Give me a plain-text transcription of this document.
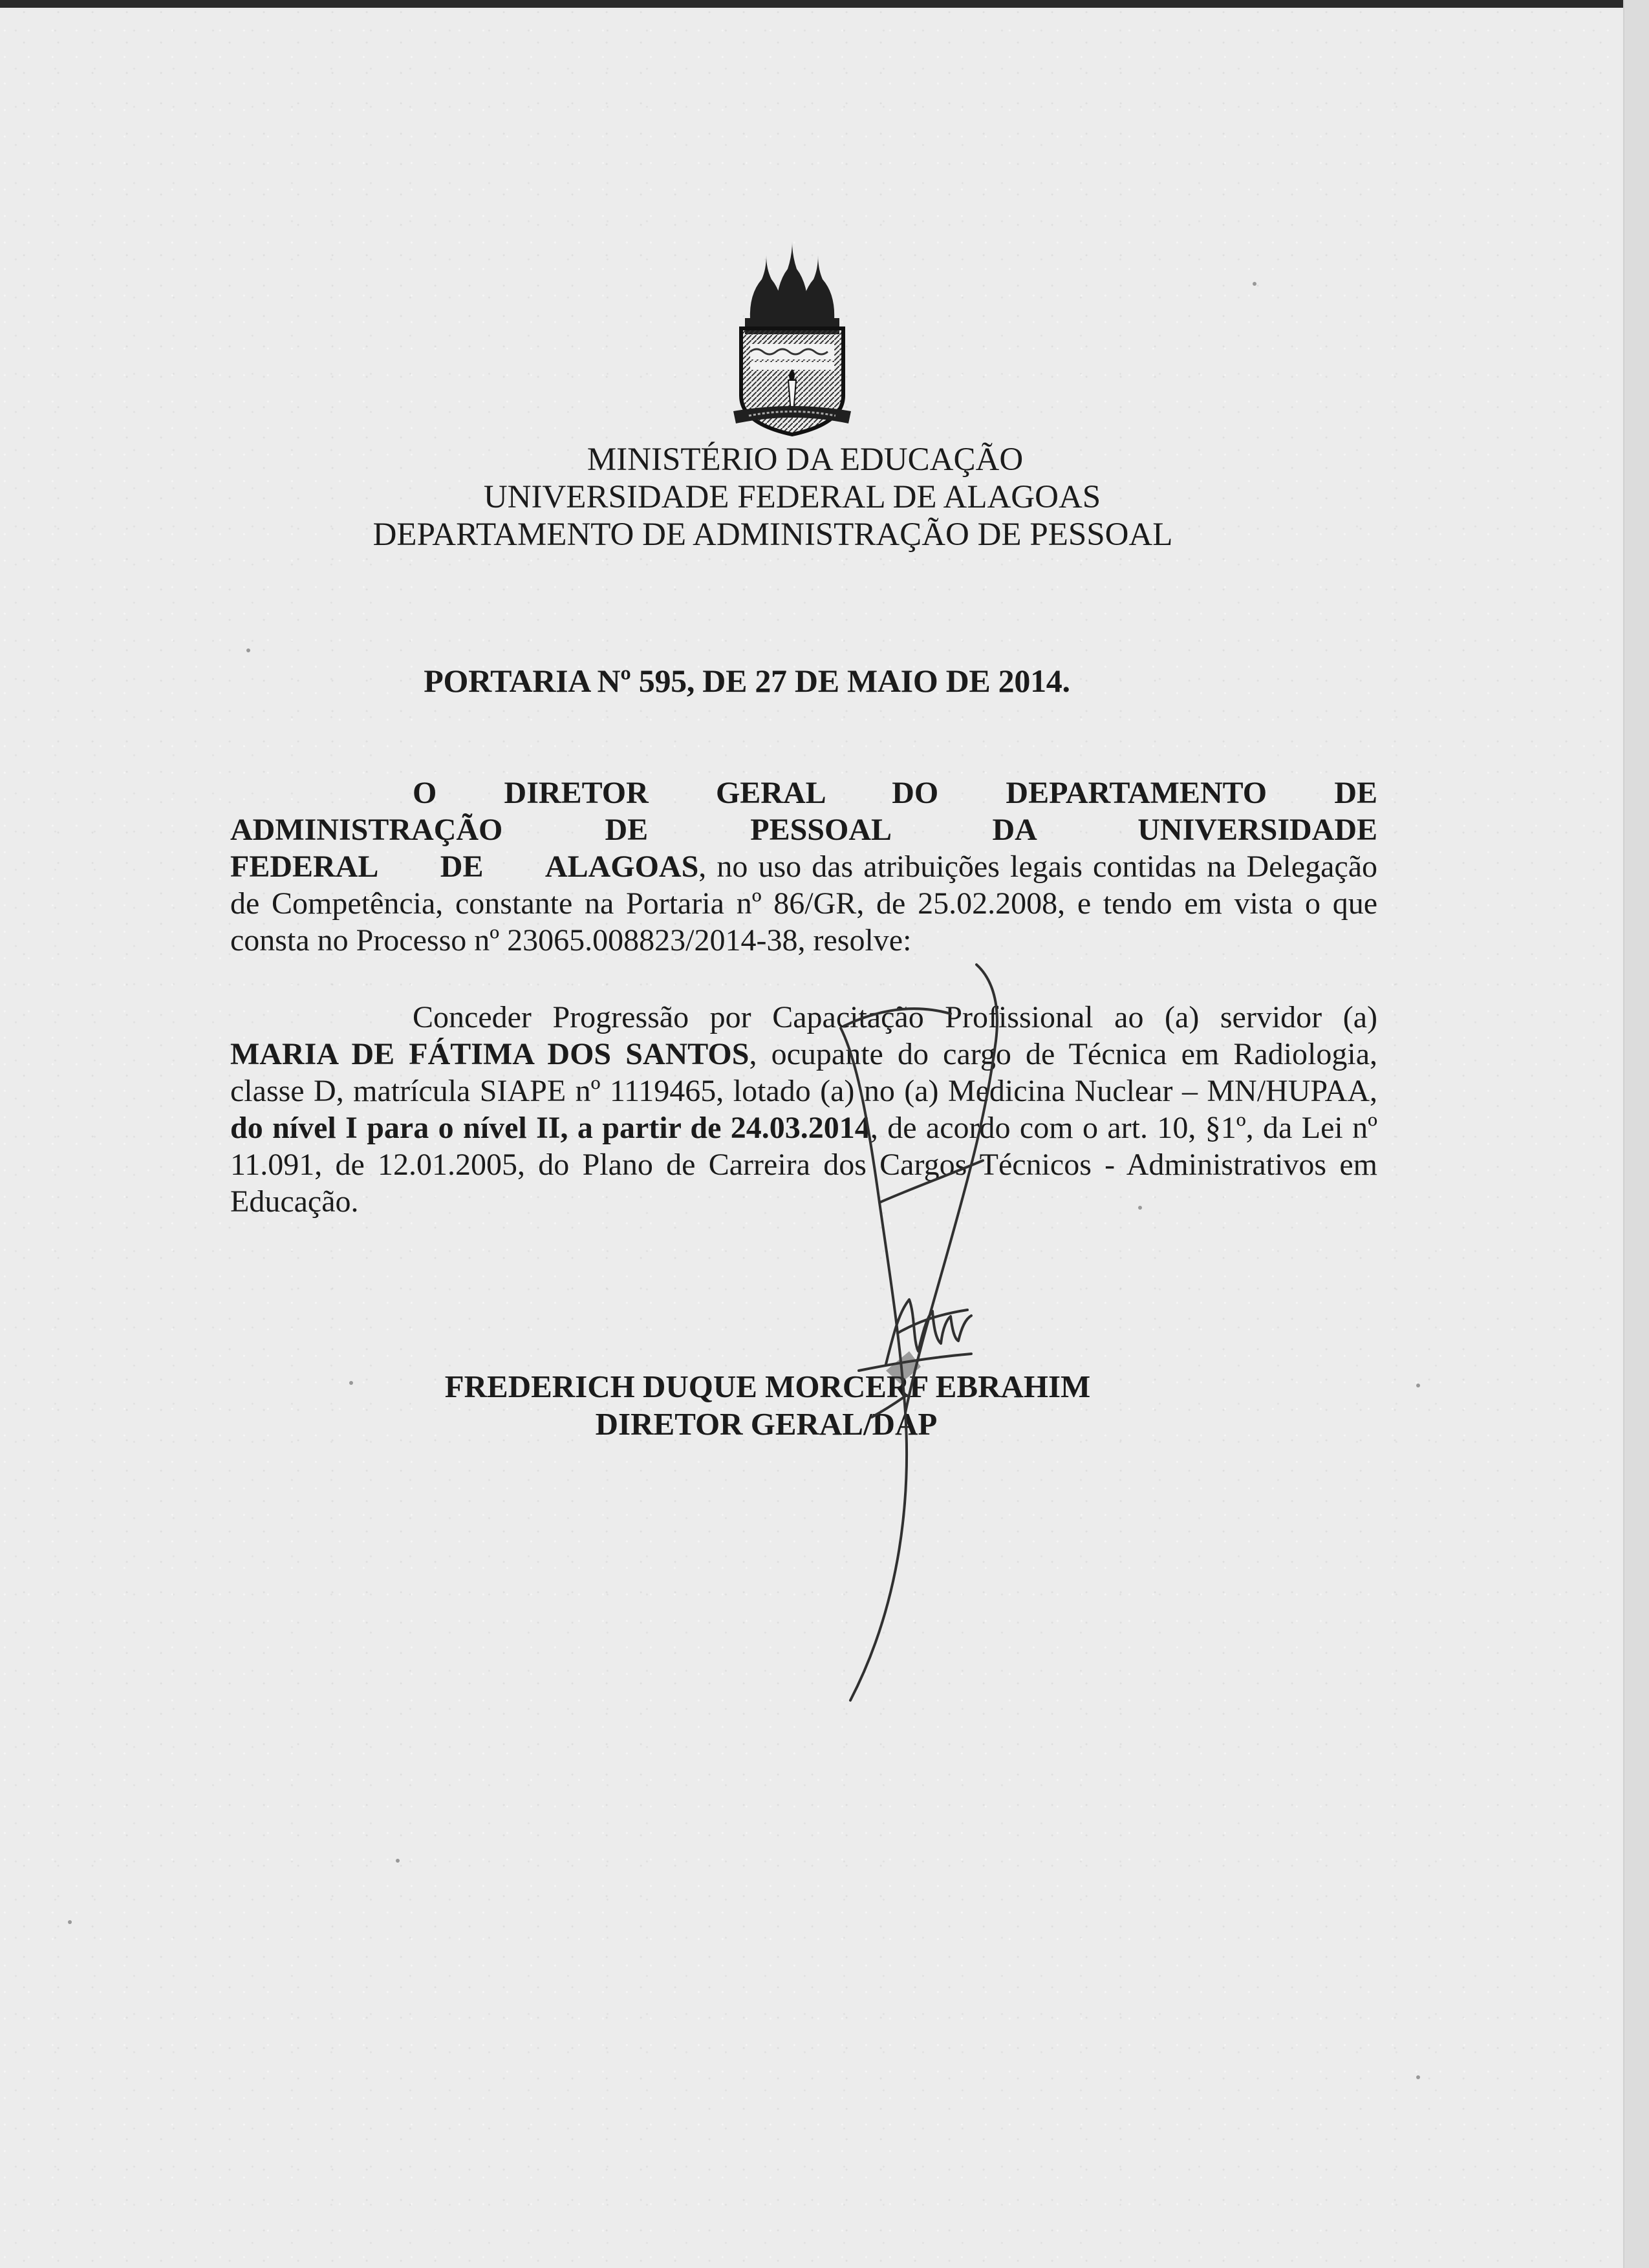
MINISTÉRIO DA EDUCAÇÃO
UNIVERSIDADE FEDERAL DE ALAGOAS
DEPARTAMENTO DE ADMINISTRAÇÃO DE PESSOAL
PORTARIA Nº 595, DE 27 DE MAIO DE 2014.
O DIRETOR GERAL DO DEPARTAMENTO DE ADMINISTRAÇÃO DE PESSOAL DA UNIVERSIDADE FEDERAL DE ALAGOAS, no uso das atribuições legais contidas na Delegação de Competência, constante na Portaria nº 86/GR, de 25.02.2008, e tendo em vista o que consta no Processo nº 23065.008823/2014-38, resolve:
Conceder Progressão por Capacitação Profissional ao (a) servidor (a) MARIA DE FÁTIMA DOS SANTOS, ocupante do cargo de Técnica em Radiologia, classe D, matrícula SIAPE nº 1119465, lotado (a) no (a) Medicina Nuclear – MN/HUPAA, do nível I para o nível II, a partir de 24.03.2014, de acordo com o art. 10, §1º, da Lei nº 11.091, de 12.01.2005, do Plano de Carreira dos Cargos Técnicos - Administrativos em Educação.
FREDERICH DUQUE MORCERF EBRAHIM
DIRETOR GERAL/DAP
